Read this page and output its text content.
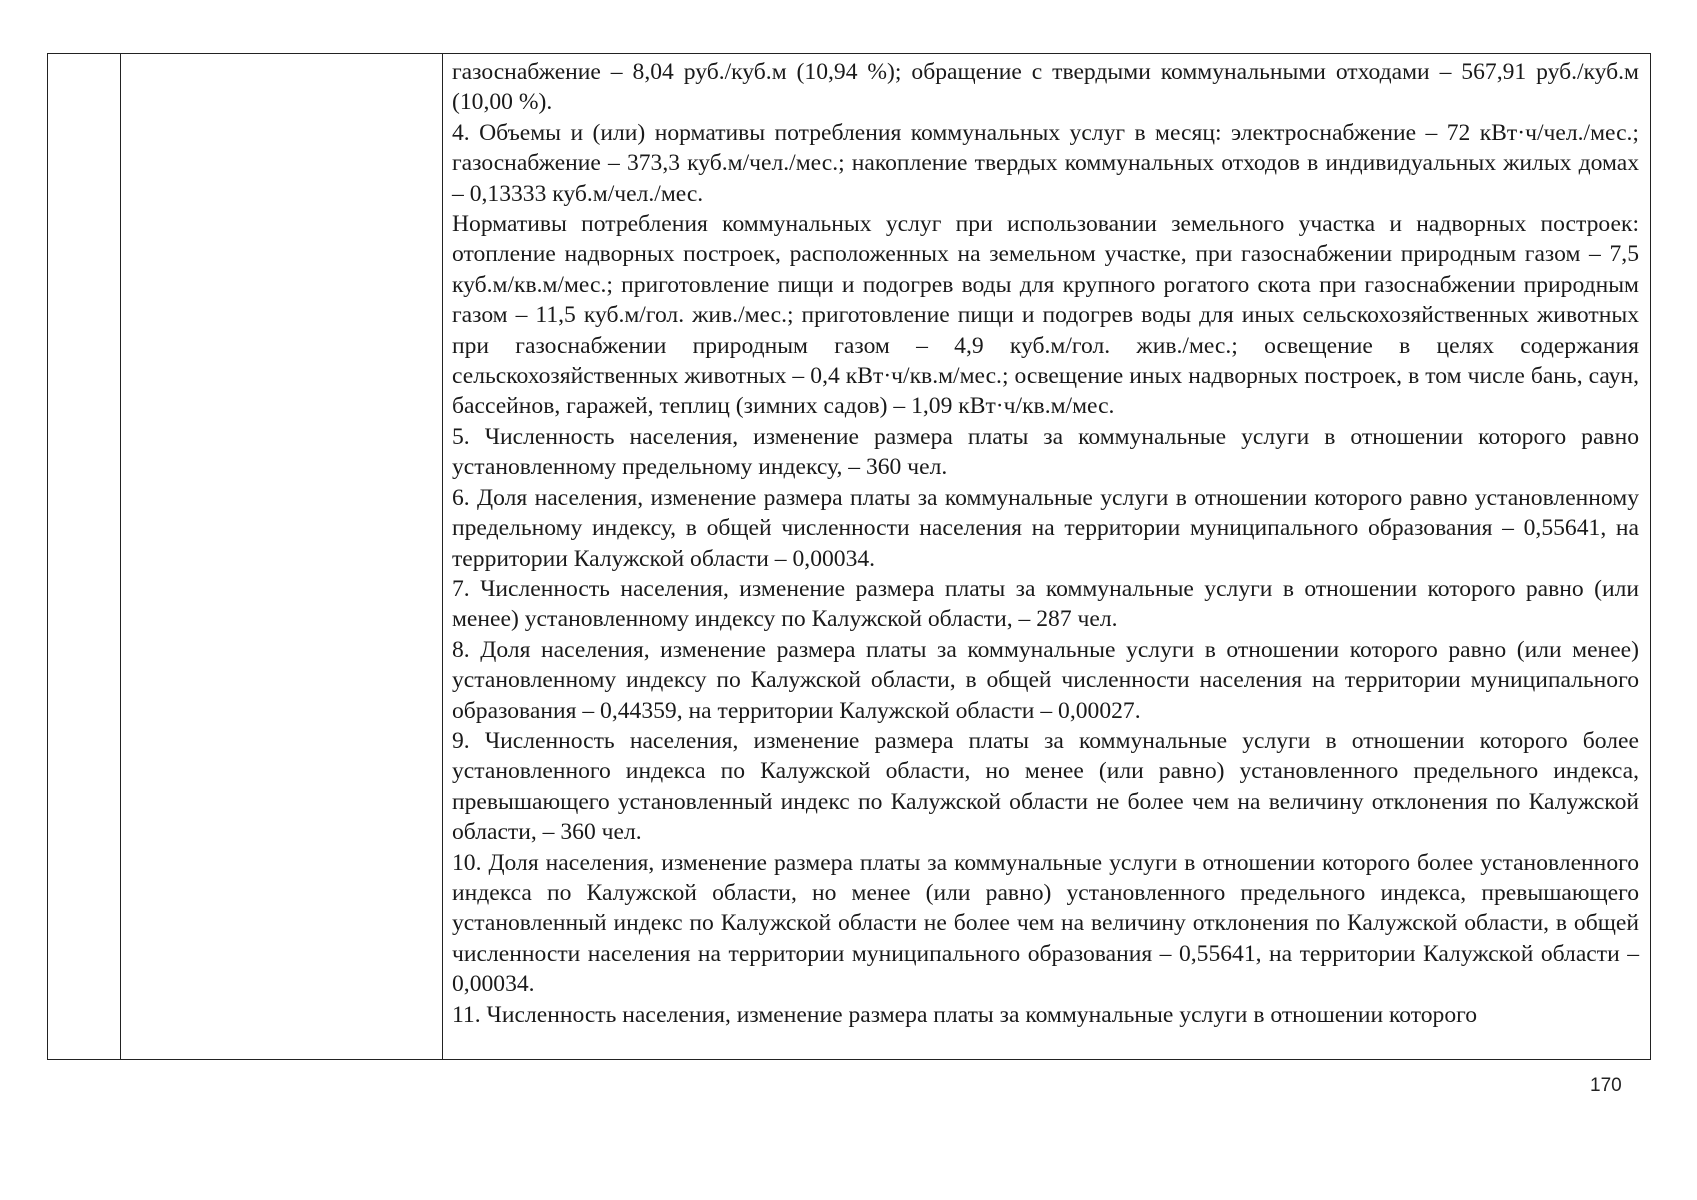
газоснабжение – 8,04 руб./куб.м (10,94 %); обращение с твердыми коммунальными отходами – 567,91 руб./куб.м (10,00 %).

4. Объемы и (или) нормативы потребления коммунальных услуг в месяц: электроснабжение – 72 кВт·ч/чел./мес.; газоснабжение – 373,3 куб.м/чел./мес.; накопление твердых коммунальных отходов в индивидуальных жилых домах – 0,13333 куб.м/чел./мес.

Нормативы потребления коммунальных услуг при использовании земельного участка и надворных построек: отопление надворных построек, расположенных на земельном участке, при газоснабжении природным газом – 7,5 куб.м/кв.м/мес.; приготовление пищи и подогрев воды для крупного рогатого скота при газоснабжении природным газом – 11,5 куб.м/гол. жив./мес.; приготовление пищи и подогрев воды для иных сельскохозяйственных животных при газоснабжении природным газом – 4,9 куб.м/гол. жив./мес.; освещение в целях содержания сельскохозяйственных животных – 0,4 кВт·ч/кв.м/мес.; освещение иных надворных построек, в том числе бань, саун, бассейнов, гаражей, теплиц (зимних садов) – 1,09 кВт·ч/кв.м/мес.

5. Численность населения, изменение размера платы за коммунальные услуги в отношении которого равно установленному предельному индексу, – 360 чел.

6. Доля населения, изменение размера платы за коммунальные услуги в отношении которого равно установленному предельному индексу, в общей численности населения на территории муниципального образования – 0,55641, на территории Калужской области – 0,00034.

7. Численность населения, изменение размера платы за коммунальные услуги в отношении которого равно (или менее) установленному индексу по Калужской области, – 287 чел.

8. Доля населения, изменение размера платы за коммунальные услуги в отношении которого равно (или менее) установленному индексу по Калужской области, в общей численности населения на территории муниципального образования – 0,44359, на территории Калужской области – 0,00027.

9. Численность населения, изменение размера платы за коммунальные услуги в отношении которого более установленного индекса по Калужской области, но менее (или равно) установленного предельного индекса, превышающего установленный индекс по Калужской области не более чем на величину отклонения по Калужской области, – 360 чел.

10. Доля населения, изменение размера платы за коммунальные услуги в отношении которого более установленного индекса по Калужской области, но менее (или равно) установленного предельного индекса, превышающего установленный индекс по Калужской области не более чем на величину отклонения по Калужской области, в общей численности населения на территории муниципального образования – 0,55641, на территории Калужской области – 0,00034.

11. Численность населения, изменение размера платы за коммунальные услуги в отношении которого

170
